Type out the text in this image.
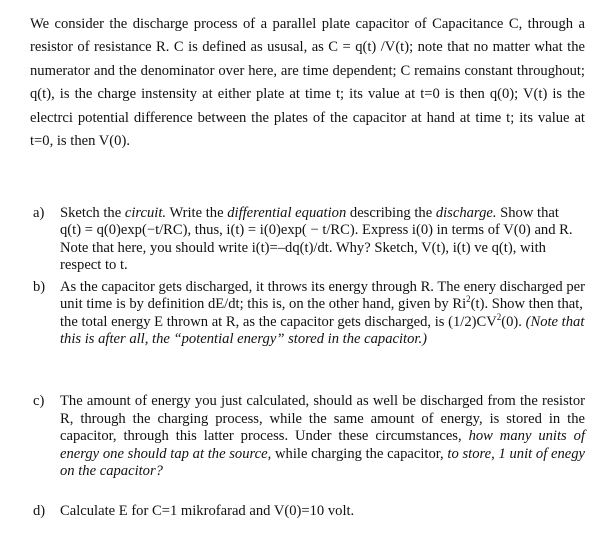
We consider the discharge process of a parallel plate capacitor of Capacitance C, through a resistor of resistance R. C is defined as ususal, as C = q(t) /V(t); note that no matter what the numerator and the denominator over here, are time dependent; C remains constant throughout; q(t), is the charge instensity at either plate at time t; its value at t=0 is then q(0); V(t) is the electrci potential difference between the plates of the capacitor at hand at time t; its value at t=0, is then V(0).
a) Sketch the circuit. Write the differential equation describing the discharge. Show that q(t) = q(0)exp(−t/RC), thus, i(t) = i(0)exp( − t/RC). Express i(0) in terms of V(0) and R. Note that here, you should write i(t)=–dq(t)/dt. Why? Sketch, V(t), i(t) ve q(t), with respect to t.
b) As the capacitor gets discharged, it throws its energy through R. The enery discharged per unit time is by definition dE/dt; this is, on the other hand, given by Ri$^2$(t). Show then that, the total energy E thrown at R, as the capacitor gets discharged, is $(1/2)CV^2(0)$. (Note that this is after all, the “potential energy” stored in the capacitor.)
c) The amount of energy you just calculated, should as well be discharged from the resistor R, through the charging process, while the same amount of energy, is stored in the capacitor, through this latter process. Under these circumstances, how many units of energy one should tap at the source, while charging the capacitor, to store, 1 unit of enegy on the capacitor?
d) Calculate E for C=1 mikrofarad and V(0)=10 volt.
